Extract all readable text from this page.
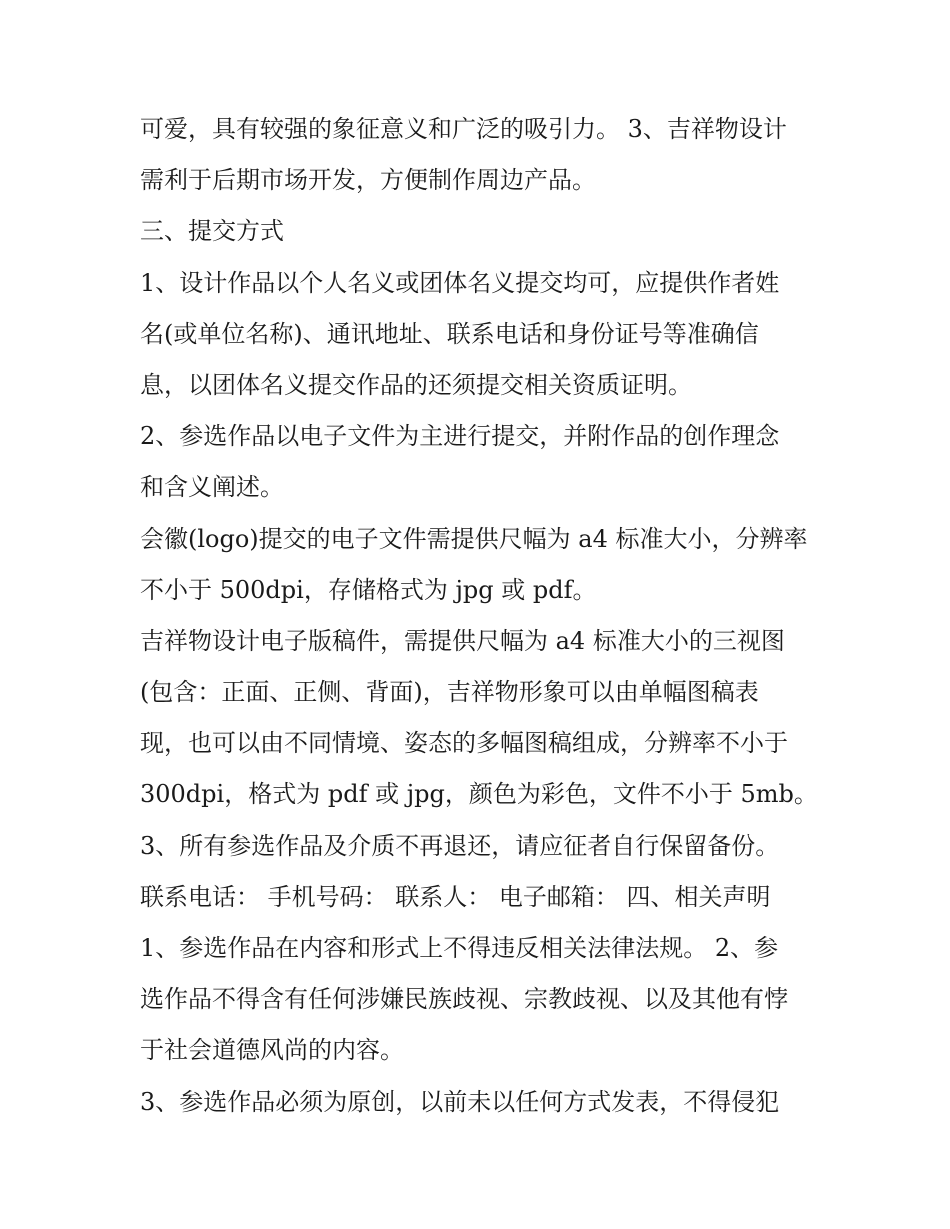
可爱，具有较强的象征意义和广泛的吸引力。 3、吉祥物设计
需利于后期市场开发，方便制作周边产品。
三、提交方式
1、设计作品以个人名义或团体名义提交均可，应提供作者姓
名(或单位名称)、通讯地址、联系电话和身份证号等准确信
息，以团体名义提交作品的还须提交相关资质证明。
2、参选作品以电子文件为主进行提交，并附作品的创作理念
和含义阐述。
会徽(logo)提交的电子文件需提供尺幅为 a4 标准大小，分辨率
不小于 500dpi，存储格式为 jpg 或 pdf。
吉祥物设计电子版稿件，需提供尺幅为 a4 标准大小的三视图
(包含：正面、正侧、背面)，吉祥物形象可以由单幅图稿表
现，也可以由不同情境、姿态的多幅图稿组成，分辨率不小于
300dpi，格式为 pdf 或 jpg，颜色为彩色，文件不小于 5mb。
3、所有参选作品及介质不再退还，请应征者自行保留备份。
联系电话： 手机号码： 联系人： 电子邮箱： 四、相关声明
1、参选作品在内容和形式上不得违反相关法律法规。 2、参
选作品不得含有任何涉嫌民族歧视、宗教歧视、以及其他有悖
于社会道德风尚的内容。
3、参选作品必须为原创，以前未以任何方式发表，不得侵犯
